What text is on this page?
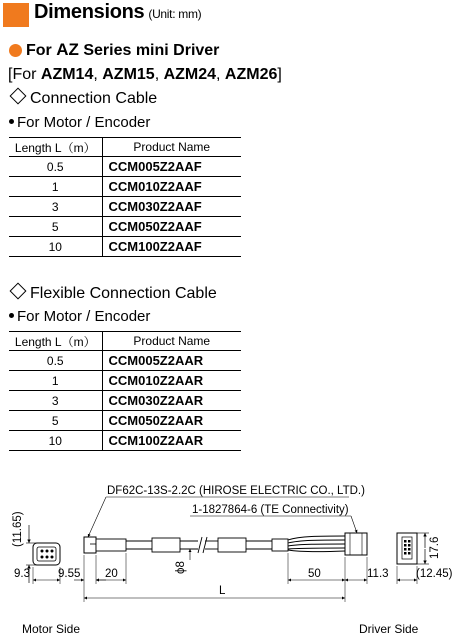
Dimensions (Unit: mm)
For AZ Series mini Driver
[For AZM14, AZM15, AZM24, AZM26]
Connection Cable
For Motor / Encoder
Length L（m）	Product Name
0.5	CCM005Z2AAF
1	CCM010Z2AAF
3	CCM030Z2AAF
5	CCM050Z2AAF
10	CCM100Z2AAF
Flexible Connection Cable
For Motor / Encoder
Length L（m）	Product Name
0.5	CCM005Z2AAR
1	CCM010Z2AAR
3	CCM030Z2AAR
5	CCM050Z2AAR
10	CCM100Z2AAR
(11.65)
ϕ8
17.6
DF62C-13S-2.2C (HIROSE ELECTRIC CO., LTD.)
1-1827864-6 (TE Connectivity)
9.3 9.55 20	50	11.3 (12.45)
L
Motor Side	Driver Side
